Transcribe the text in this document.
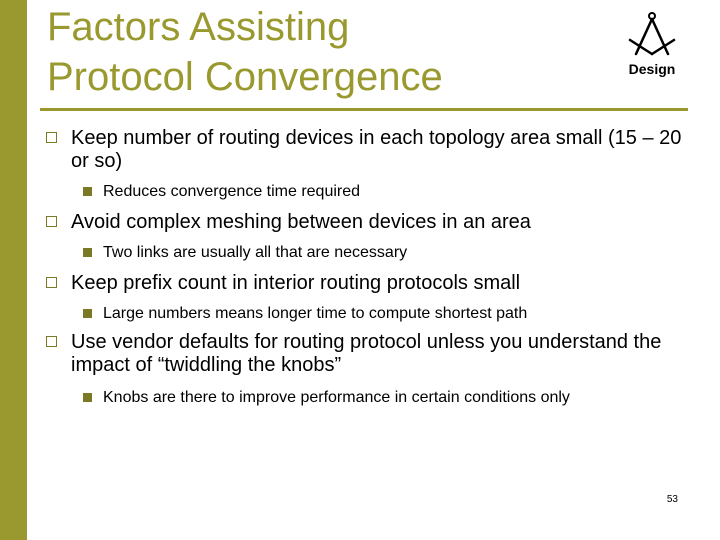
Factors Assisting
Protocol Convergence	Design
Keep number of routing devices in each topology area small (15 – 20 or so)
Reduces convergence time required
Avoid complex meshing between devices in an area
Two links are usually all that are necessary
Keep prefix count in interior routing protocols small
Large numbers means longer time to compute shortest path
Use vendor defaults for routing protocol unless you understand the impact of “twiddling the knobs”
Knobs are there to improve performance in certain conditions only
53
